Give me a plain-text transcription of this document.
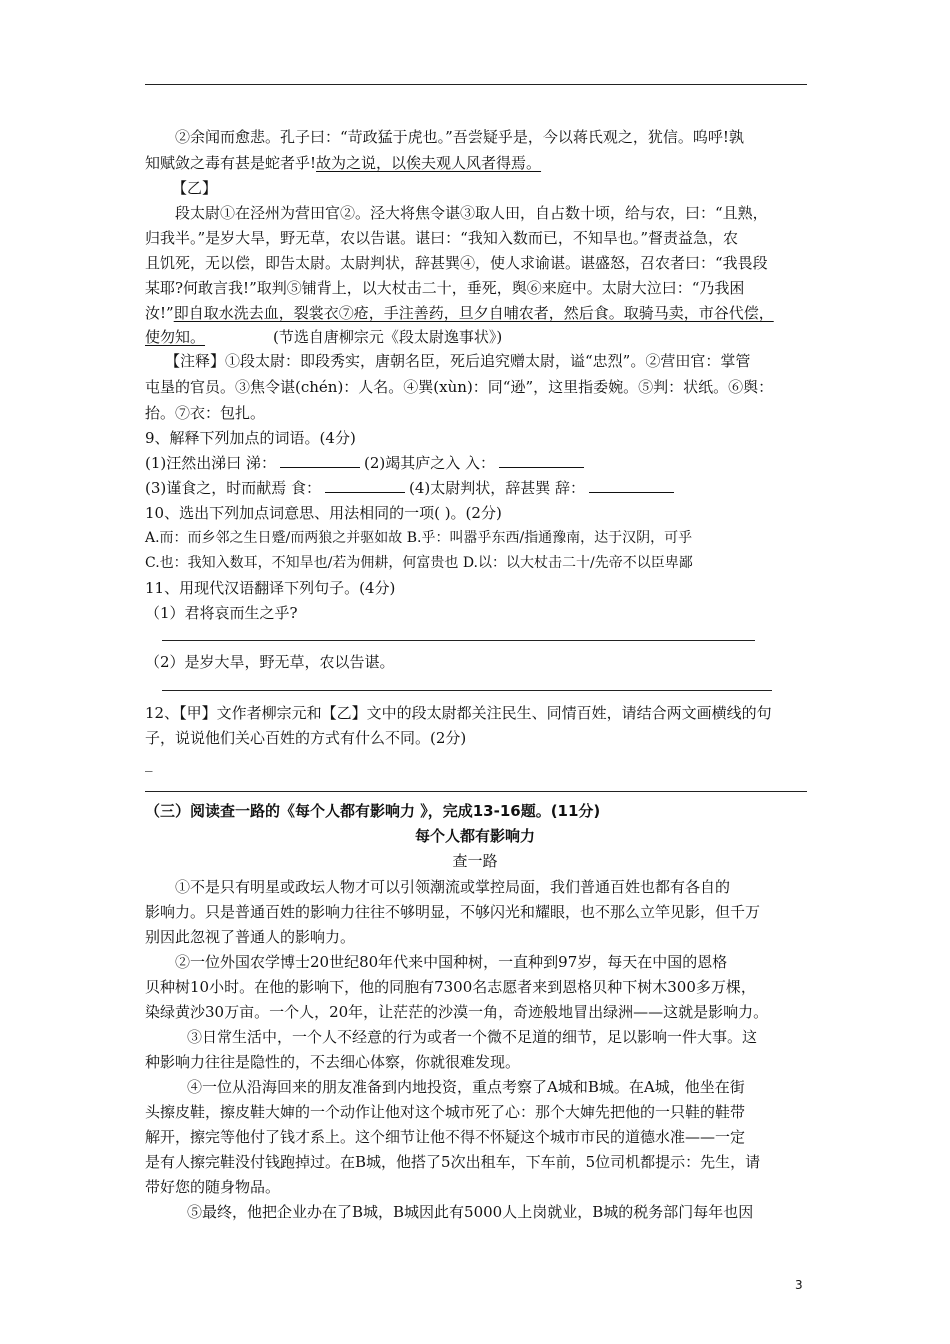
②余闻而愈悲。孔子曰：“苛政猛于虎也。”吾尝疑乎是，今以蒋氏观之，犹信。呜呼!孰
知赋敛之毒有甚是蛇者乎!故为之说，以俟夫观人风者得焉。
【乙】
段太尉①在泾州为营田官②。泾大将焦令谌③取人田，自占数十顷，给与农，曰：“且熟，
归我半。”是岁大旱，野无草，农以告谌。谌曰：“我知入数而已，不知旱也。”督责益急，农
且饥死，无以偿，即告太尉。太尉判状，辞甚巽④，使人求谕谌。谌盛怒，召农者曰：“我畏段
某耶?何敢言我!”取判⑤铺背上，以大杖击二十，垂死，舆⑥来庭中。太尉大泣曰：“乃我困
汝!”即自取水洗去血，裂裳衣⑦疮，手注善药，旦夕自哺农者，然后食。取骑马卖，市谷代偿，
使勿知。	(节选自唐柳宗元《段太尉逸事状》)
【注释】①段太尉：即段秀实，唐朝名臣，死后追究赠太尉，谥“忠烈”。②营田官：掌管
屯垦的官员。③焦令谌(chén)：人名。④巽(xùn)：同“逊”，这里指委婉。⑤判：状纸。⑥舆：
抬。⑦衣：包扎。
9、解释下列加点的词语。(4分)
(1)汪然出涕曰 涕：	(2)竭其庐之入 入：
(3)谨食之，时而献焉 食：	(4)太尉判状，辞甚巽 辞：
10、选出下列加点词意思、用法相同的一项( )。(2分)
A.而：而乡邻之生日蹙/而两狼之并驱如故 B.乎：叫嚣乎东西/指通豫南，达于汉阴，可乎
C.也：我知入数耳，不知旱也/若为佣耕，何富贵也 D.以：以大杖击二十/先帝不以臣卑鄙
11、用现代汉语翻译下列句子。(4分)
（1）君将哀而生之乎?
（2）是岁大旱，野无草，农以告谌。
12、【甲】文作者柳宗元和【乙】文中的段太尉都关注民生、同情百姓，请结合两文画横线的句
子，说说他们关心百姓的方式有什么不同。(2分)
_
（三）阅读查一路的《每个人都有影响力 》，完成13-16题。(11分)
每个人都有影响力
查一路
①不是只有明星或政坛人物才可以引领潮流或掌控局面，我们普通百姓也都有各自的
影响力。只是普通百姓的影响力往往不够明显，不够闪光和耀眼，也不那么立竿见影，但千万
别因此忽视了普通人的影响力。
②一位外国农学博士20世纪80年代来中国种树，一直种到97岁，每天在中国的恩格
贝种树10小时。在他的影响下，他的同胞有7300名志愿者来到恩格贝种下树木300多万棵，
染绿黄沙30万亩。一个人，20年，让茫茫的沙漠一角，奇迹般地冒出绿洲——这就是影响力。
③日常生活中，一个人不经意的行为或者一个微不足道的细节，足以影响一件大事。这
种影响力往往是隐性的，不去细心体察，你就很难发现。
④一位从沿海回来的朋友准备到内地投资，重点考察了A城和B城。在A城，他坐在街
头擦皮鞋，擦皮鞋大婶的一个动作让他对这个城市死了心：那个大婶先把他的一只鞋的鞋带
解开，擦完等他付了钱才系上。这个细节让他不得不怀疑这个城市市民的道德水准——一定
是有人擦完鞋没付钱跑掉过。在B城，他搭了5次出租车，下车前，5位司机都提示：先生，请
带好您的随身物品。
⑤最终，他把企业办在了B城，B城因此有5000人上岗就业，B城的税务部门每年也因
3
